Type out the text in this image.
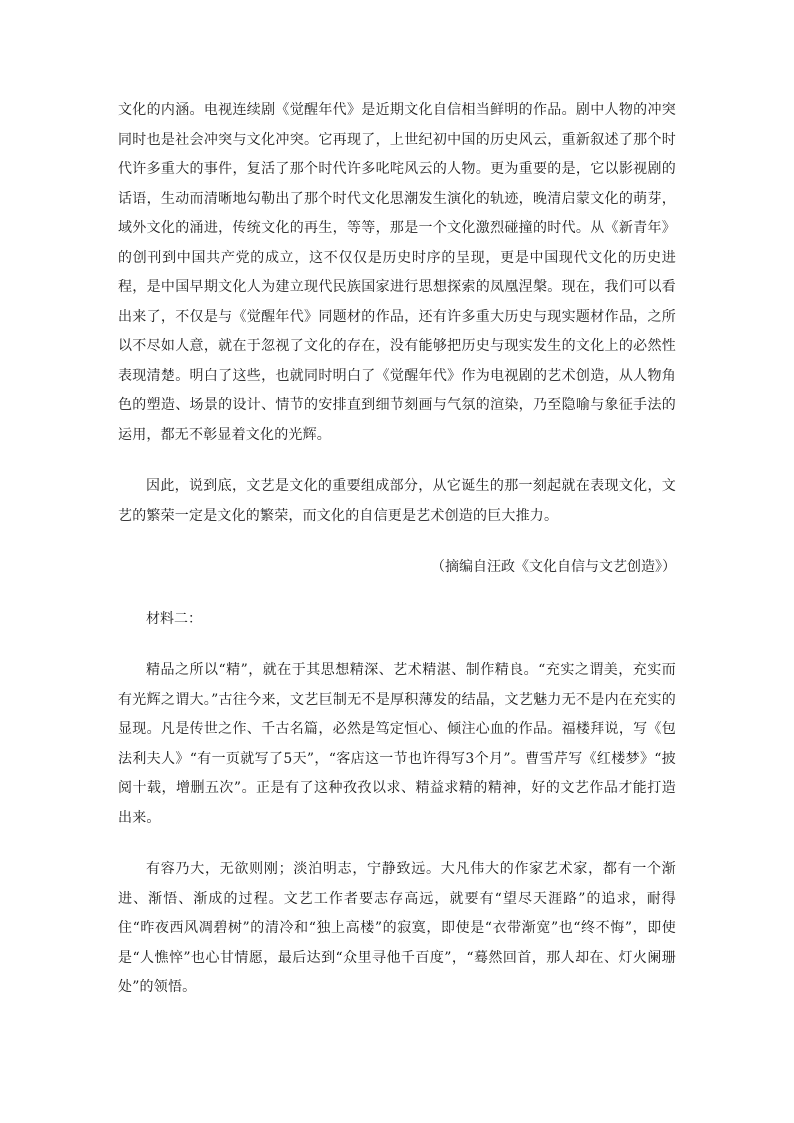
文化的内涵。电视连续剧《觉醒年代》是近期文化自信相当鲜明的作品。剧中人物的冲突同时也是社会冲突与文化冲突。它再现了，上世纪初中国的历史风云，重新叙述了那个时代许多重大的事件，复活了那个时代许多叱咤风云的人物。更为重要的是，它以影视剧的话语，生动而清晰地勾勒出了那个时代文化思潮发生演化的轨迹，晚清启蒙文化的萌芽，域外文化的涌进，传统文化的再生，等等，那是一个文化激烈碰撞的时代。从《新青年》的创刊到中国共产党的成立，这不仅仅是历史时序的呈现，更是中国现代文化的历史进程，是中国早期文化人为建立现代民族国家进行思想探索的凤凰涅槃。现在，我们可以看出来了，不仅是与《觉醒年代》同题材的作品，还有许多重大历史与现实题材作品，之所以不尽如人意，就在于忽视了文化的存在，没有能够把历史与现实发生的文化上的必然性表现清楚。明白了这些，也就同时明白了《觉醒年代》作为电视剧的艺术创造，从人物角色的塑造、场景的设计、情节的安排直到细节刻画与气氛的渲染，乃至隐喻与象征手法的运用，都无不彰显着文化的光辉。

因此，说到底，文艺是文化的重要组成部分，从它诞生的那一刻起就在表现文化，文艺的繁荣一定是文化的繁荣，而文化的自信更是艺术创造的巨大推力。

（摘编自汪政《文化自信与文艺创造》）

材料二：

精品之所以“精”，就在于其思想精深、艺术精湛、制作精良。“充实之谓美，充实而有光辉之谓大。”古往今来，文艺巨制无不是厚积薄发的结晶，文艺魅力无不是内在充实的显现。凡是传世之作、千古名篇，必然是笃定恒心、倾注心血的作品。福楼拜说，写《包法利夫人》“有一页就写了5天”，“客店这一节也许得写3个月”。曹雪芹写《红楼梦》“披阅十载，增删五次”。正是有了这种孜孜以求、精益求精的精神，好的文艺作品才能打造出来。

有容乃大，无欲则刚；淡泊明志，宁静致远。大凡伟大的作家艺术家，都有一个渐进、渐悟、渐成的过程。文艺工作者要志存高远，就要有“望尽天涯路”的追求，耐得住“昨夜西风凋碧树”的清冷和“独上高楼”的寂寞，即使是“衣带渐宽”也“终不悔”，即使是“人憔悴”也心甘情愿，最后达到“众里寻他千百度”，“蓦然回首，那人却在、灯火阑珊处”的领悟。
